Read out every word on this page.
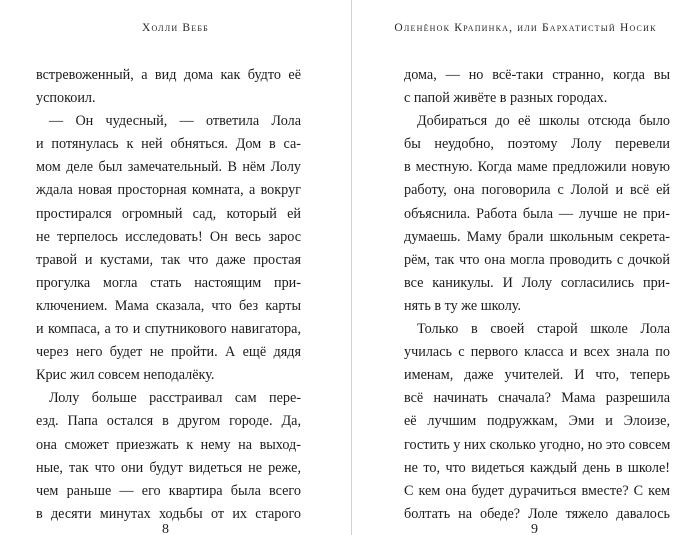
Холли Вебб
встревоженный, а вид дома как будто её
успокоил.
— Он чудесный, — ответила Лола
и потянулась к ней обняться. Дом в са-
мом деле был замечательный. В нём Лолу
ждала новая просторная комната, а вокруг
простирался огромный сад, который ей
не терпелось исследовать! Он весь зарос
травой и кустами, так что даже простая
прогулка могла стать настоящим при-
ключением. Мама сказала, что без карты
и компаса, а то и спутникового навигатора,
через него будет не пройти. А ещё дядя
Крис жил совсем неподалёку.
Лолу больше расстраивал сам пере-
езд. Папа остался в другом городе. Да,
она сможет приезжать к нему на выход-
ные, так что они будут видеться не реже,
чем раньше — его квартира была всего
в десяти минутах ходьбы от их старого
8
Оленёнок Крапинка, или Бархатистый Носик
дома, — но всё-таки странно, когда вы
с папой живёте в разных городах.
Добираться до её школы отсюда было
бы неудобно, поэтому Лолу перевели
в местную. Когда маме предложили новую
работу, она поговорила с Лолой и всё ей
объяснила. Работа была — лучше не при-
думаешь. Маму брали школьным секрета-
рём, так что она могла проводить с дочкой
все каникулы. И Лолу согласились при-
нять в ту же школу.
Только в своей старой школе Лола
училась с первого класса и всех знала по
именам, даже учителей. И что, теперь
всё начинать сначала? Мама разрешила
её лучшим подружкам, Эми и Элоизе,
гостить у них сколько угодно, но это совсем
не то, что видеться каждый день в школе!
С кем она будет дурачиться вместе? С кем
болтать на обеде? Лоле тяжело давалось
9
